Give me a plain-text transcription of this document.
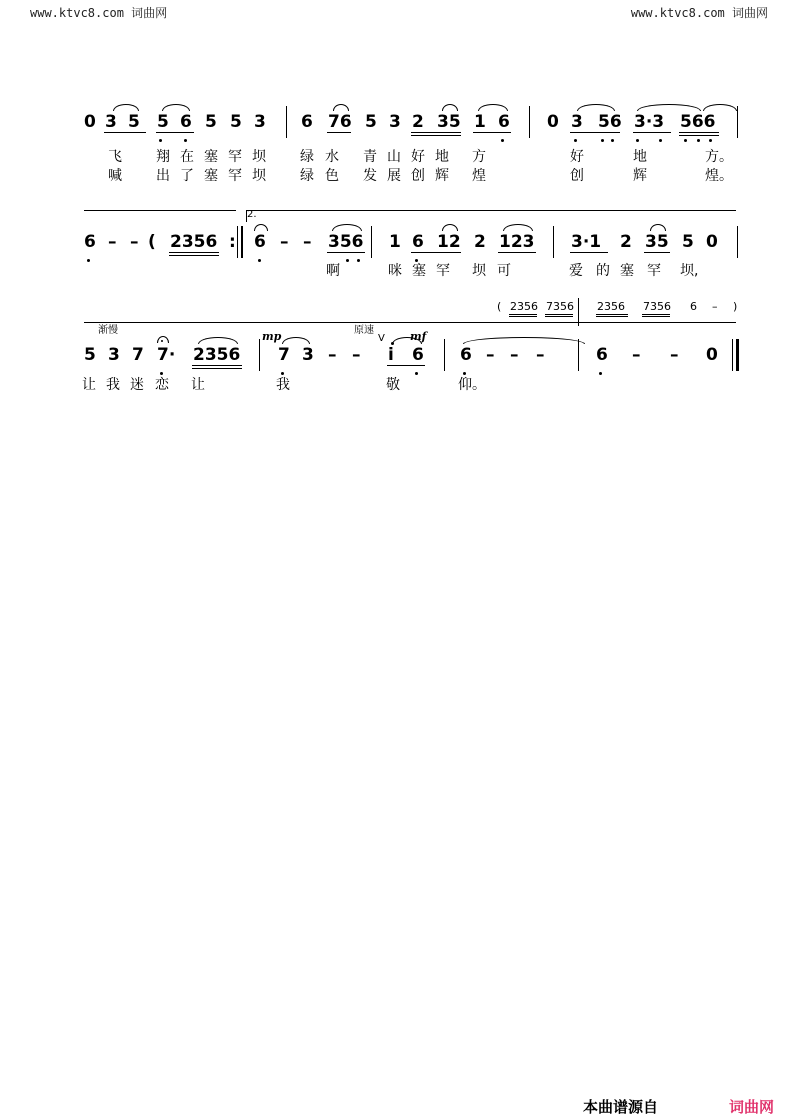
www.ktvc8.com 词曲网	www.ktvc8.com 词曲网
0 3 5 5 6 5 5 3 6 76 5 3 2 35 1 6 0 3 56 3·3 566
飞 翔 在 塞 罕 坝 绿 水 青 山 好 地 方	好	地	方。
喊 出 了 塞 罕 坝 绿 色 发 展 创 辉 煌	创	辉	煌。
2.
6 – – ( 2356 : 6 – – 356 1 6 12 2 123 3·1 2 35 5 0
啊	咪 塞 罕 坝 可	爱 的 塞 罕 坝,
( 2356 7356 2356 7356 6 – )
渐慢	mp	原速
V mf
5 3 7 7· 2356 7 3 – – i 6 6 – – –	6 – – 0
让 我 迷 恋 让	我	敬	仰。
本曲谱源自	词曲网
